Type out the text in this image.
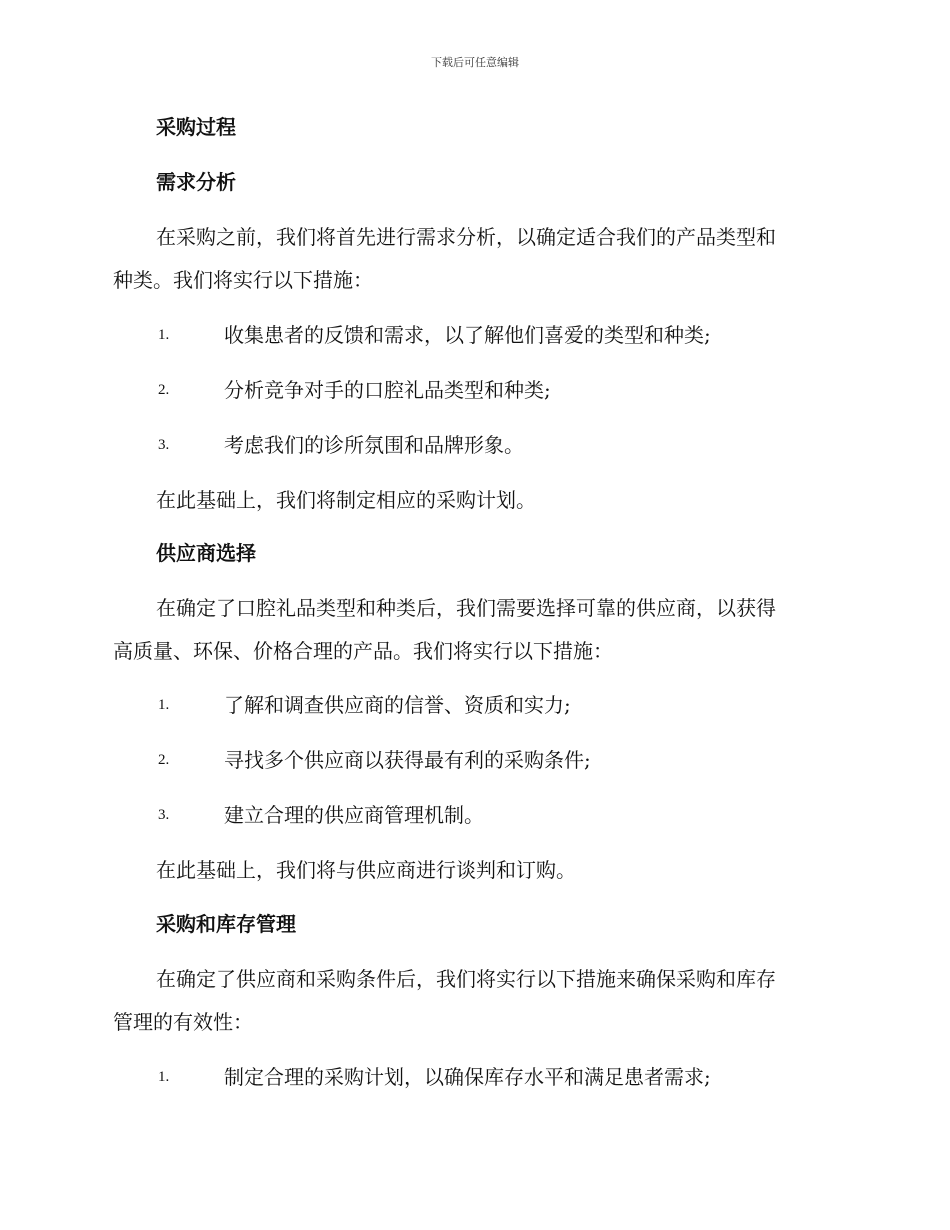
下载后可任意编辑
采购过程
需求分析
在采购之前，我们将首先进行需求分析，以确定适合我们的产品类型和
种类。我们将实行以下措施：
1.	收集患者的反馈和需求，以了解他们喜爱的类型和种类;
2.	分析竞争对手的口腔礼品类型和种类;
3.	考虑我们的诊所氛围和品牌形象。
在此基础上，我们将制定相应的采购计划。
供应商选择
在确定了口腔礼品类型和种类后，我们需要选择可靠的供应商，以获得
高质量、环保、价格合理的产品。我们将实行以下措施：
1.	了解和调查供应商的信誉、资质和实力;
2.	寻找多个供应商以获得最有利的采购条件;
3.	建立合理的供应商管理机制。
在此基础上，我们将与供应商进行谈判和订购。
采购和库存管理
在确定了供应商和采购条件后，我们将实行以下措施来确保采购和库存
管理的有效性：
1.	制定合理的采购计划，以确保库存水平和满足患者需求;
